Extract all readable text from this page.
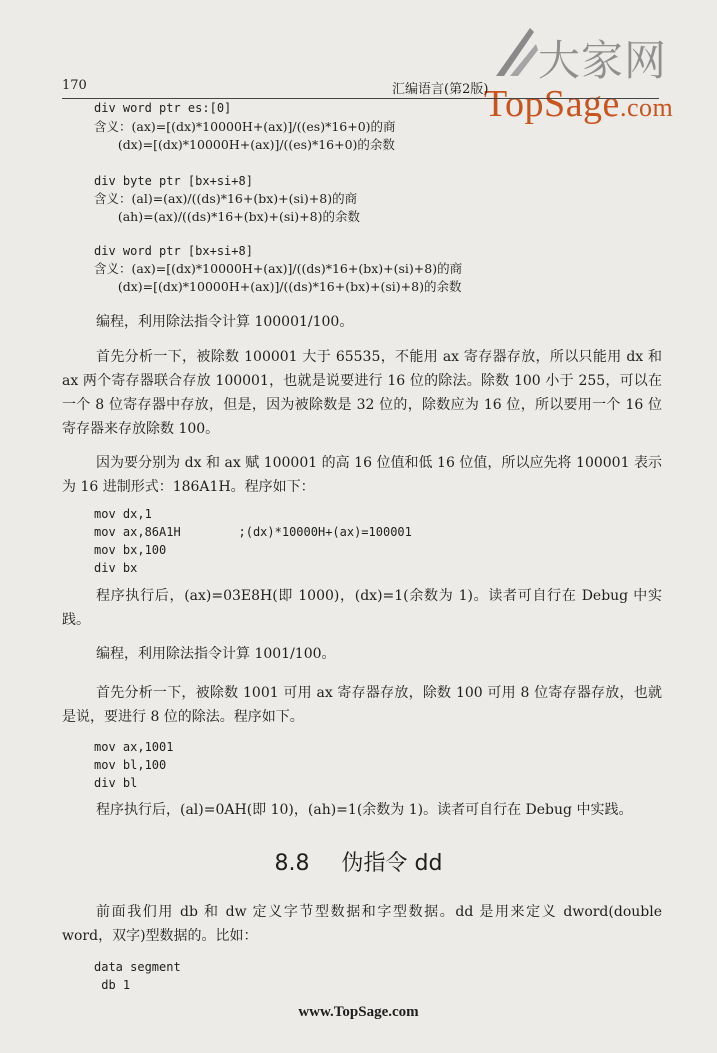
大家网
TopSage.com
170	汇编语言(第2版)
div word ptr es:[0]
含义：(ax)=[(dx)*10000H+(ax)]/((es)*16+0)的商
(dx)=[(dx)*10000H+(ax)]/((es)*16+0)的余数
div byte ptr [bx+si+8]
含义：(al)=(ax)/((ds)*16+(bx)+(si)+8)的商
(ah)=(ax)/((ds)*16+(bx)+(si)+8)的余数
div word ptr [bx+si+8]
含义：(ax)=[(dx)*10000H+(ax)]/((ds)*16+(bx)+(si)+8)的商
(dx)=[(dx)*10000H+(ax)]/((ds)*16+(bx)+(si)+8)的余数
编程，利用除法指令计算 100001/100。
首先分析一下，被除数 100001 大于 65535，不能用 ax 寄存器存放，所以只能用 dx 和 ax 两个寄存器联合存放 100001，也就是说要进行 16 位的除法。除数 100 小于 255，可以在一个 8 位寄存器中存放，但是，因为被除数是 32 位的，除数应为 16 位，所以要用一个 16 位寄存器来存放除数 100。
因为要分别为 dx 和 ax 赋 100001 的高 16 位值和低 16 位值，所以应先将 100001 表示为 16 进制形式：186A1H。程序如下：
mov dx,1
mov ax,86A1H        ;(dx)*10000H+(ax)=100001
mov bx,100
div bx
程序执行后，(ax)=03E8H(即 1000)，(dx)=1(余数为 1)。读者可自行在 Debug 中实践。
编程，利用除法指令计算 1001/100。
首先分析一下，被除数 1001 可用 ax 寄存器存放，除数 100 可用 8 位寄存器存放，也就是说，要进行 8 位的除法。程序如下。
mov ax,1001
mov bl,100
div bl
程序执行后，(al)=0AH(即 10)，(ah)=1(余数为 1)。读者可自行在 Debug 中实践。
8.8 伪指令 dd
前面我们用 db 和 dw 定义字节型数据和字型数据。dd 是用来定义 dword(double word，双字)型数据的。比如：
data segment
db 1
www.TopSage.com
